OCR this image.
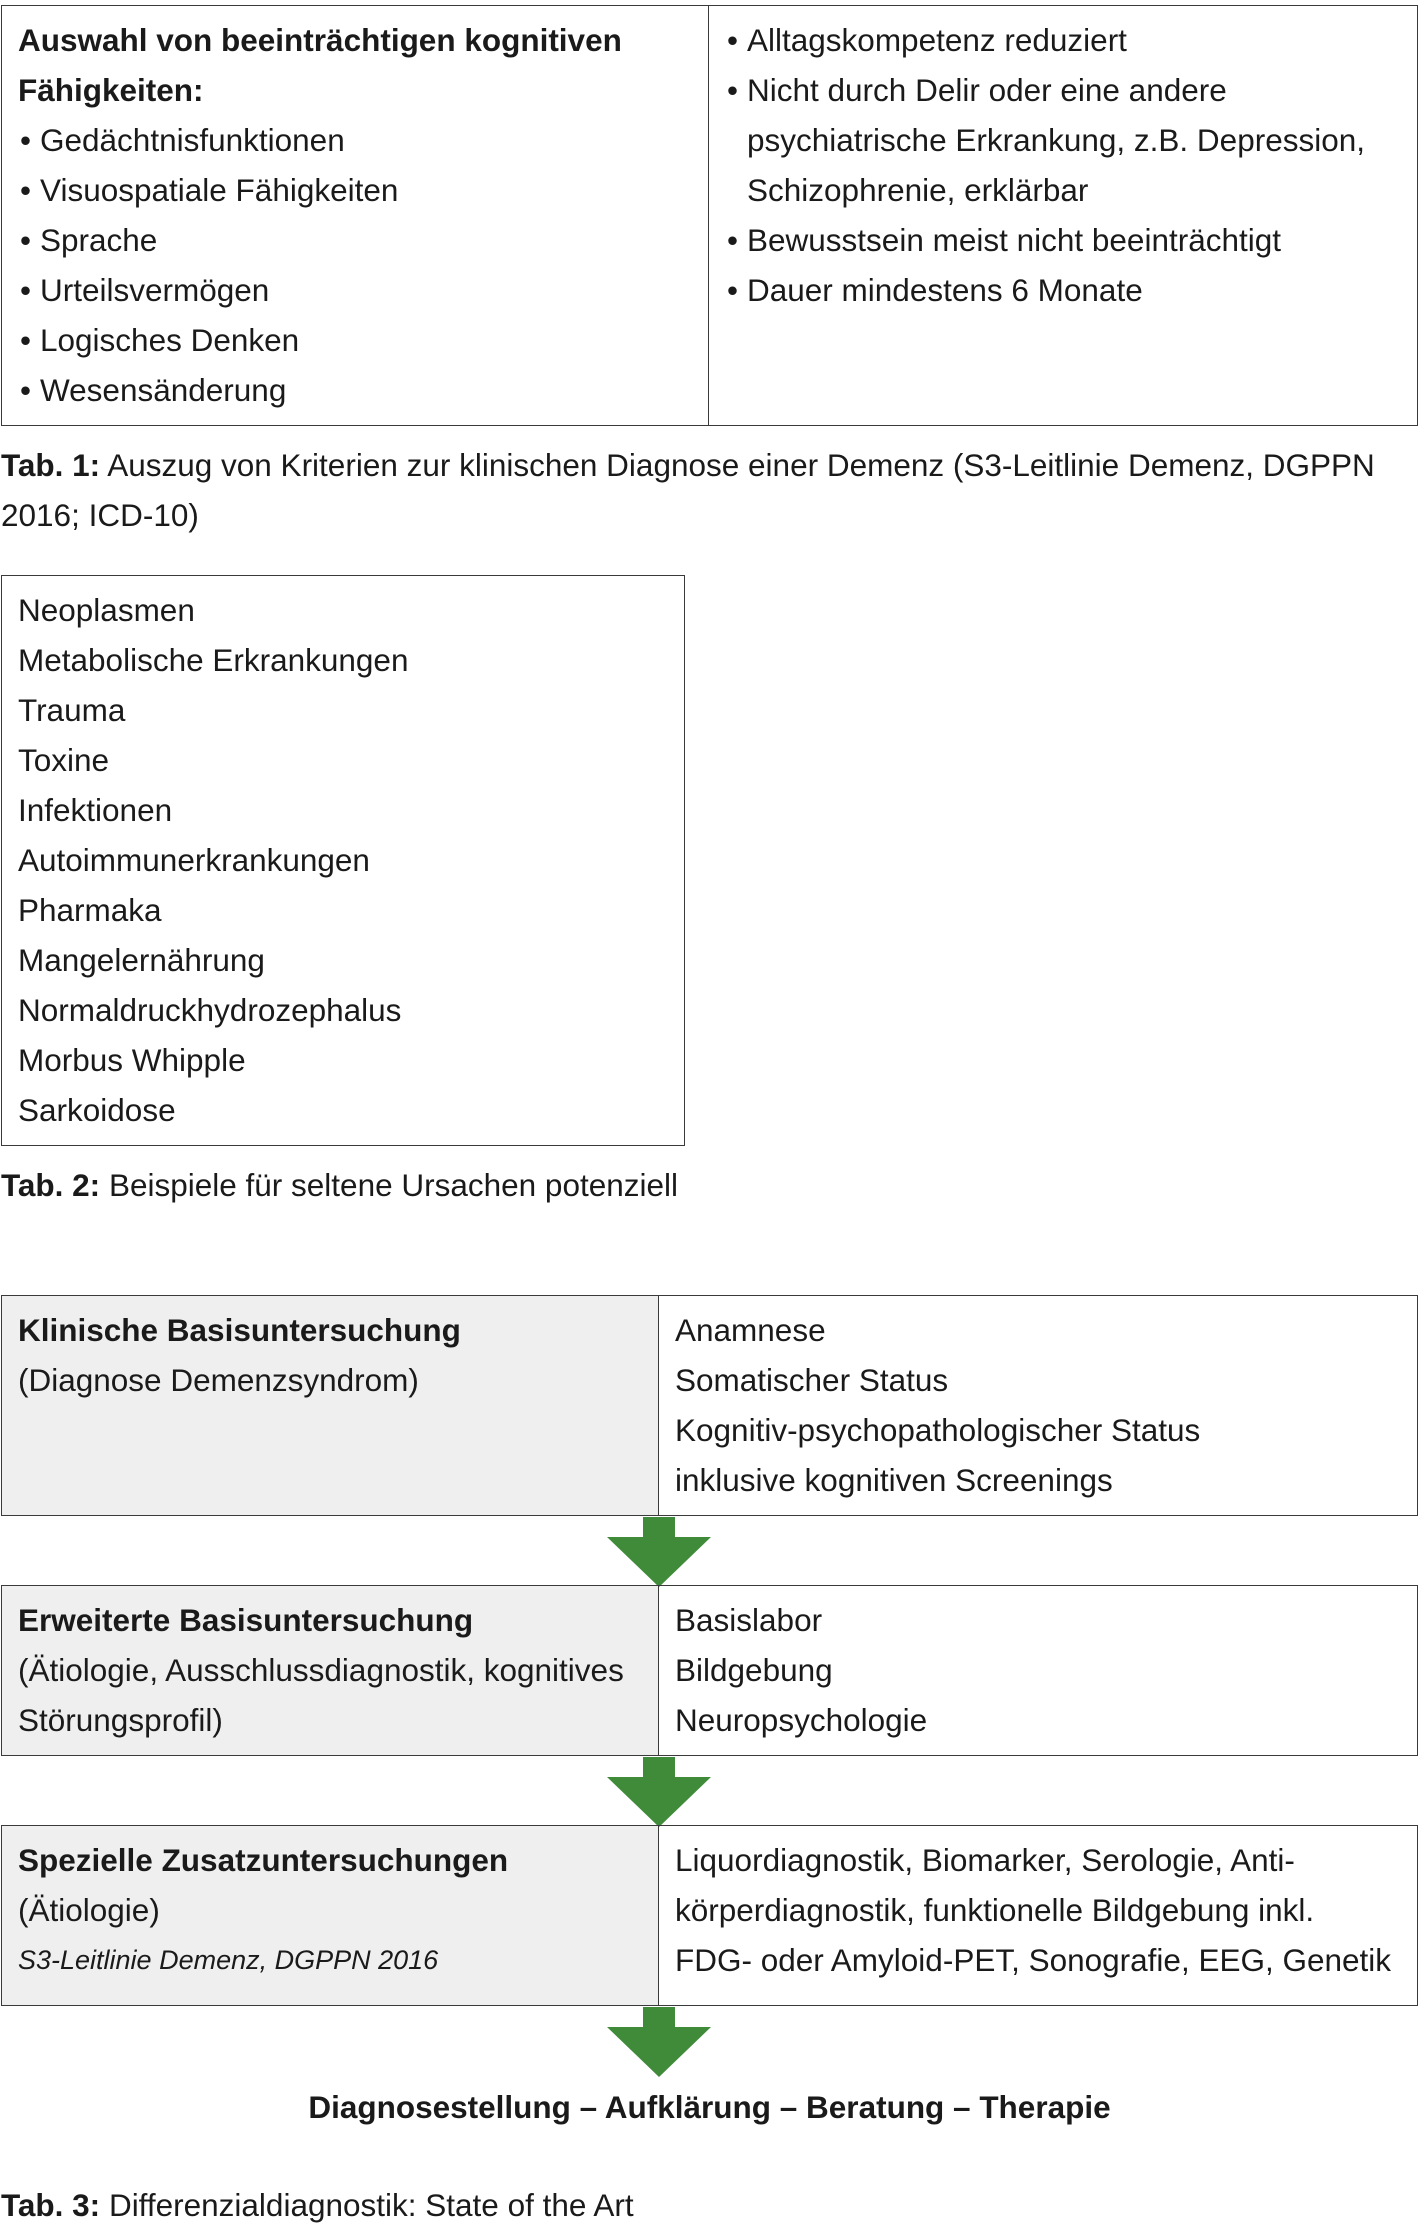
Auswahl von beeinträchtigen kognitiven Fähigkeiten:
• Gedächtnisfunktionen
• Visuospatiale Fähigkeiten
• Sprache
• Urteilsvermögen
• Logisches Denken
• Wesensänderung
• Alltagskompetenz reduziert
• Nicht durch Delir oder eine andere psychiatrische Erkrankung, z.B. Depression, Schizophrenie, erklärbar
• Bewusstsein meist nicht beeinträchtigt
• Dauer mindestens 6 Monate
Tab. 1: Auszug von Kriterien zur klinischen Diagnose einer Demenz (S3-Leitlinie Demenz, DGPPN 2016; ICD-10)
Neoplasmen
Metabolische Erkrankungen
Trauma
Toxine
Infektionen
Autoimmunerkrankungen
Pharmaka
Mangelernährung
Normaldruckhydrozephalus
Morbus Whipple
Sarkoidose
Tab. 2: Beispiele für seltene Ursachen potenziell
Klinische Basisuntersuchung
(Diagnose Demenzsyndrom)
Anamnese
Somatischer Status
Kognitiv-psychopathologischer Status
inklusive kognitiven Screenings
Erweiterte Basisuntersuchung
(Ätiologie, Ausschlussdiagnostik, kognitives Störungsprofil)
Basislabor
Bildgebung
Neuropsychologie
Spezielle Zusatzuntersuchungen
(Ätiologie)
S3-Leitlinie Demenz, DGPPN 2016
Liquordiagnostik, Biomarker, Serologie, Anti-
körperdiagnostik, funktionelle Bildgebung inkl.
FDG- oder Amyloid-PET, Sonografie, EEG, Genetik
Diagnosestellung – Aufklärung – Beratung – Therapie
Tab. 3: Differenzialdiagnostik: State of the Art
